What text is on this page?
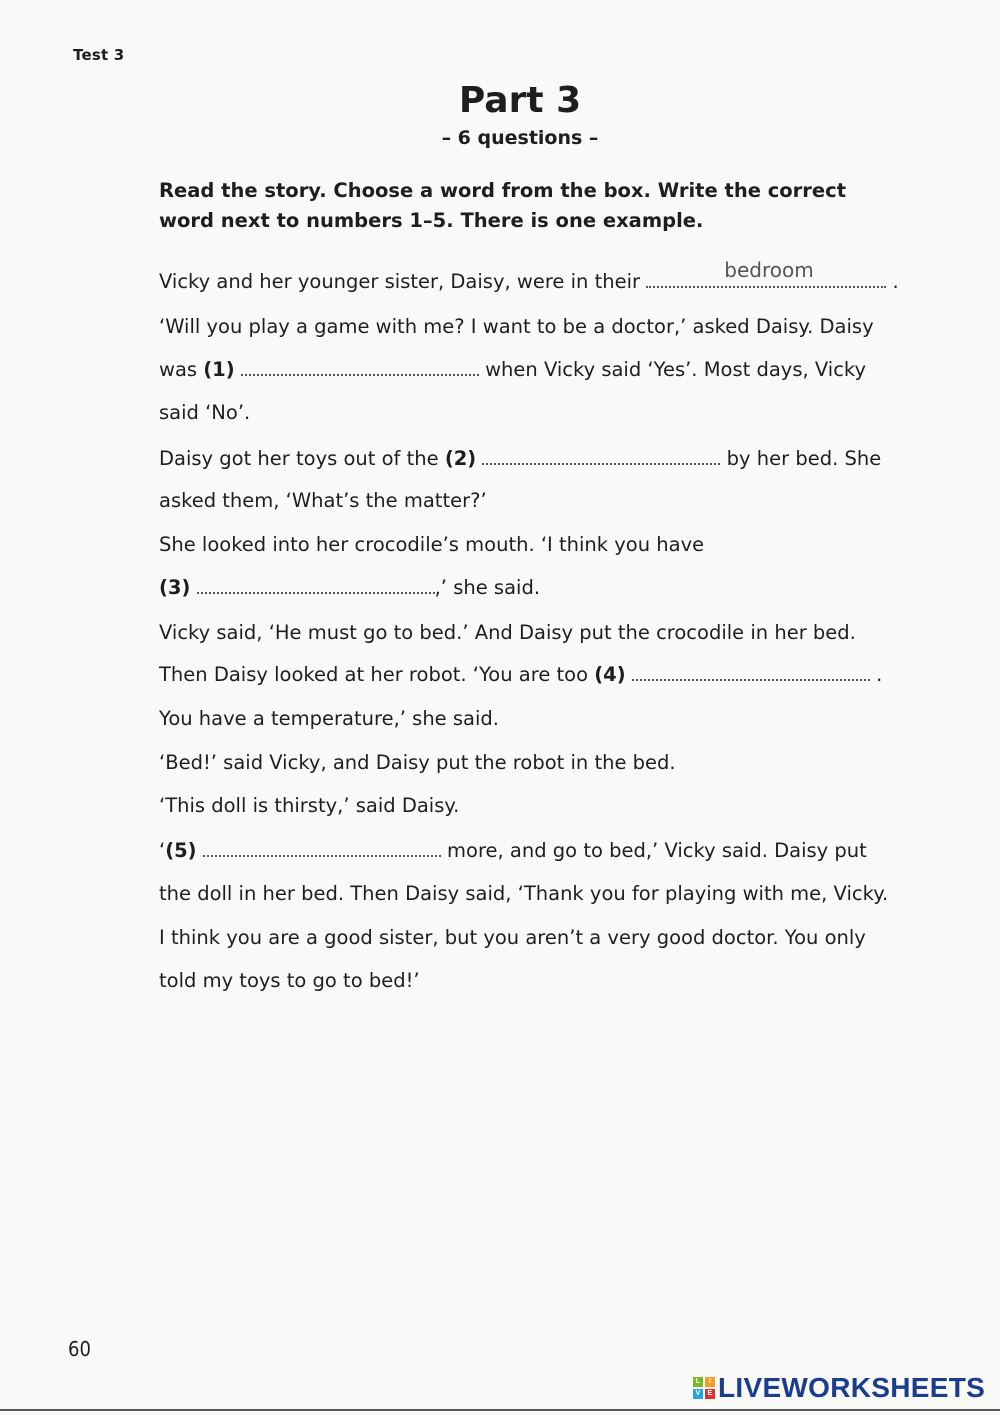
Test 3
Part 3
– 6 questions –

Read the story. Choose a word from the box. Write the correct word next to numbers 1–5. There is one example.

Vicky and her younger sister, Daisy, were in their	bedroom	.
‘Will you play a game with me? I want to be a doctor,’ asked Daisy. Daisy
was (1)	when Vicky said ‘Yes’. Most days, Vicky
said ‘No’.
Daisy got her toys out of the (2)	by her bed. She
asked them, ‘What’s the matter?’
She looked into her crocodile’s mouth. ‘I think you have
(3)	,’ she said.
Vicky said, ‘He must go to bed.’ And Daisy put the crocodile in her bed.
Then Daisy looked at her robot. ‘You are too (4)	.
You have a temperature,’ she said.
‘Bed!’ said Vicky, and Daisy put the robot in the bed.
‘This doll is thirsty,’ said Daisy.
‘(5)	more, and go to bed,’ Vicky said. Daisy put
the doll in her bed. Then Daisy said, ‘Thank you for playing with me, Vicky.
I think you are a good sister, but you aren’t a very good doctor. You only
told my toys to go to bed!’
60
L	I
V	E LIVEWORKSHEETS
